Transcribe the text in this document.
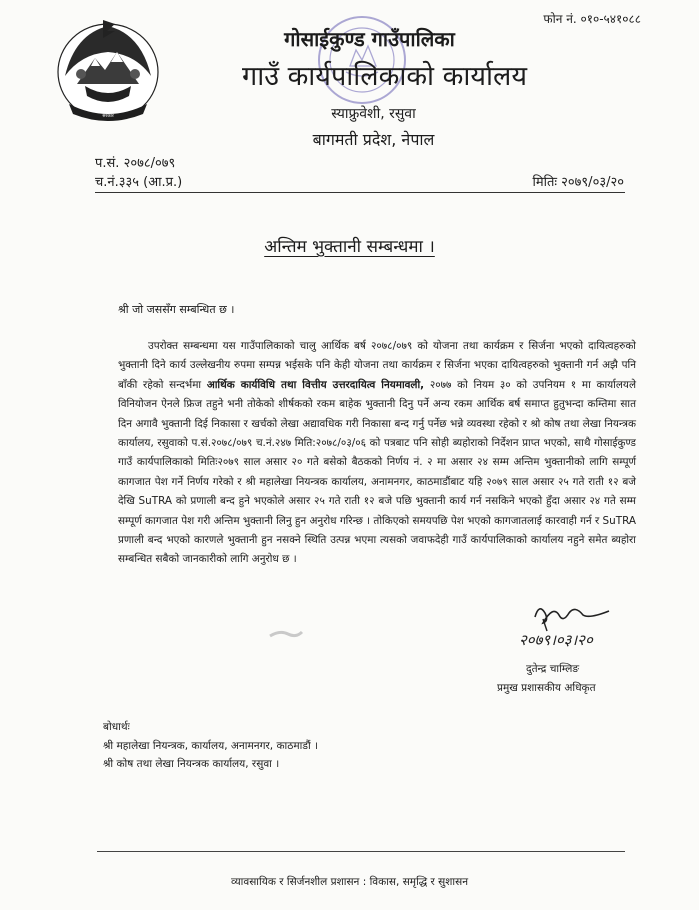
फोन नं. ०१०-५४१०८८
सरकार
गोसाईकुण्ड गाउँपालिका
गाउँ कार्यपालिकाको कार्यालय
स्याफ्रुवेशी, रसुवा
बागमती प्रदेश, नेपाल
प.सं. २०७८/०७९
च.नं.३३५ (आ.प्र.)	मितिः २०७९/०३/२०
अन्तिम भुक्तानी सम्बन्धमा ।
श्री जो जससँग सम्बन्धित छ ।

उपरोक्त सम्बन्धमा यस गाउँपालिकाको चालु आर्थिक बर्ष २०७८/०७९ को योजना तथा कार्यक्रम र सिर्जना भएको दायित्वहरुको भुक्तानी दिने कार्य उल्लेखनीय रुपमा सम्पन्न भईसके पनि केही योजना तथा कार्यक्रम र सिर्जना भएका दायित्वहरुको भुक्तानी गर्न अझै पनि बाँकी रहेको सन्दर्भमा आर्थिक कार्यविधि तथा वित्तीय उत्तरदायित्व नियमावली, २०७७ को नियम ३० को उपनियम १ मा कार्यालयले विनियोजन ऐनले फ्रिज तहुने भनी तोकेको शीर्षकको रकम बाहेक भुक्तानी दिनु पर्ने अन्य रकम आर्थिक बर्ष समाप्त हुतुभन्दा कम्तिमा सात दिन अगावै भुक्तानी दिई निकासा र खर्चको लेखा अद्यावधिक गरी निकासा बन्द गर्नु पर्नेछ भन्ने व्यवस्था रहेको र श्रो कोष तथा लेखा नियन्त्रक कार्यालय, रसुवाको प.सं.२०७८/०७९ च.नं.२४७ मिति:२०७८/०३/०६ को पत्रबाट पनि सोही ब्यहोराको निर्देशन प्राप्त भएको, साथै गोसाईकुण्ड गाउँ कार्यपालिकाको मितिः२०७९ साल असार २० गते बसेको बैठकको निर्णय नं. २ मा असार २४ सम्म अन्तिम भुक्तानीको लागि सम्पूर्ण कागजात पेश गर्ने निर्णय गरेको र श्री महालेखा नियन्त्रक कार्यालय, अनामनगर, काठमाडौंबाट यहि २०७९ साल असार २५ गते राती १२ बजे देखि SuTRA को प्रणाली बन्द हुने भएकोले असार २५ गते राती १२ बजे पछि भुक्तानी कार्य गर्न नसकिने भएको हुँदा असार २४ गते सम्म सम्पूर्ण कागजात पेश गरी अन्तिम भुक्तानी लिनु हुन अनुरोध गरिन्छ । तोकिएको समयपछि पेश भएको कागजातलाई कारवाही गर्न र SuTRA प्रणाली बन्द भएको कारणले भुक्तानी हुन नसक्ने स्थिति उत्पन्न भएमा त्यसको जवाफदेही गाउँ कार्यपालिकाको कार्यालय नहुने समेत ब्यहोरा सम्बन्धित सबैको जानकारीको लागि अनुरोध छ ।

२०७९।०३।२०
दुतेन्द्र चाम्लिङ
प्रमुख प्रशासकीय अधिकृत
बोधार्थः
श्री महालेखा नियन्त्रक, कार्यालय, अनामनगर, काठमाडौं ।
श्री कोष तथा लेखा नियन्त्रक कार्यालय, रसुवा ।
व्यावसायिक र सिर्जनशील प्रशासन : विकास, समृद्धि र सुशासन
